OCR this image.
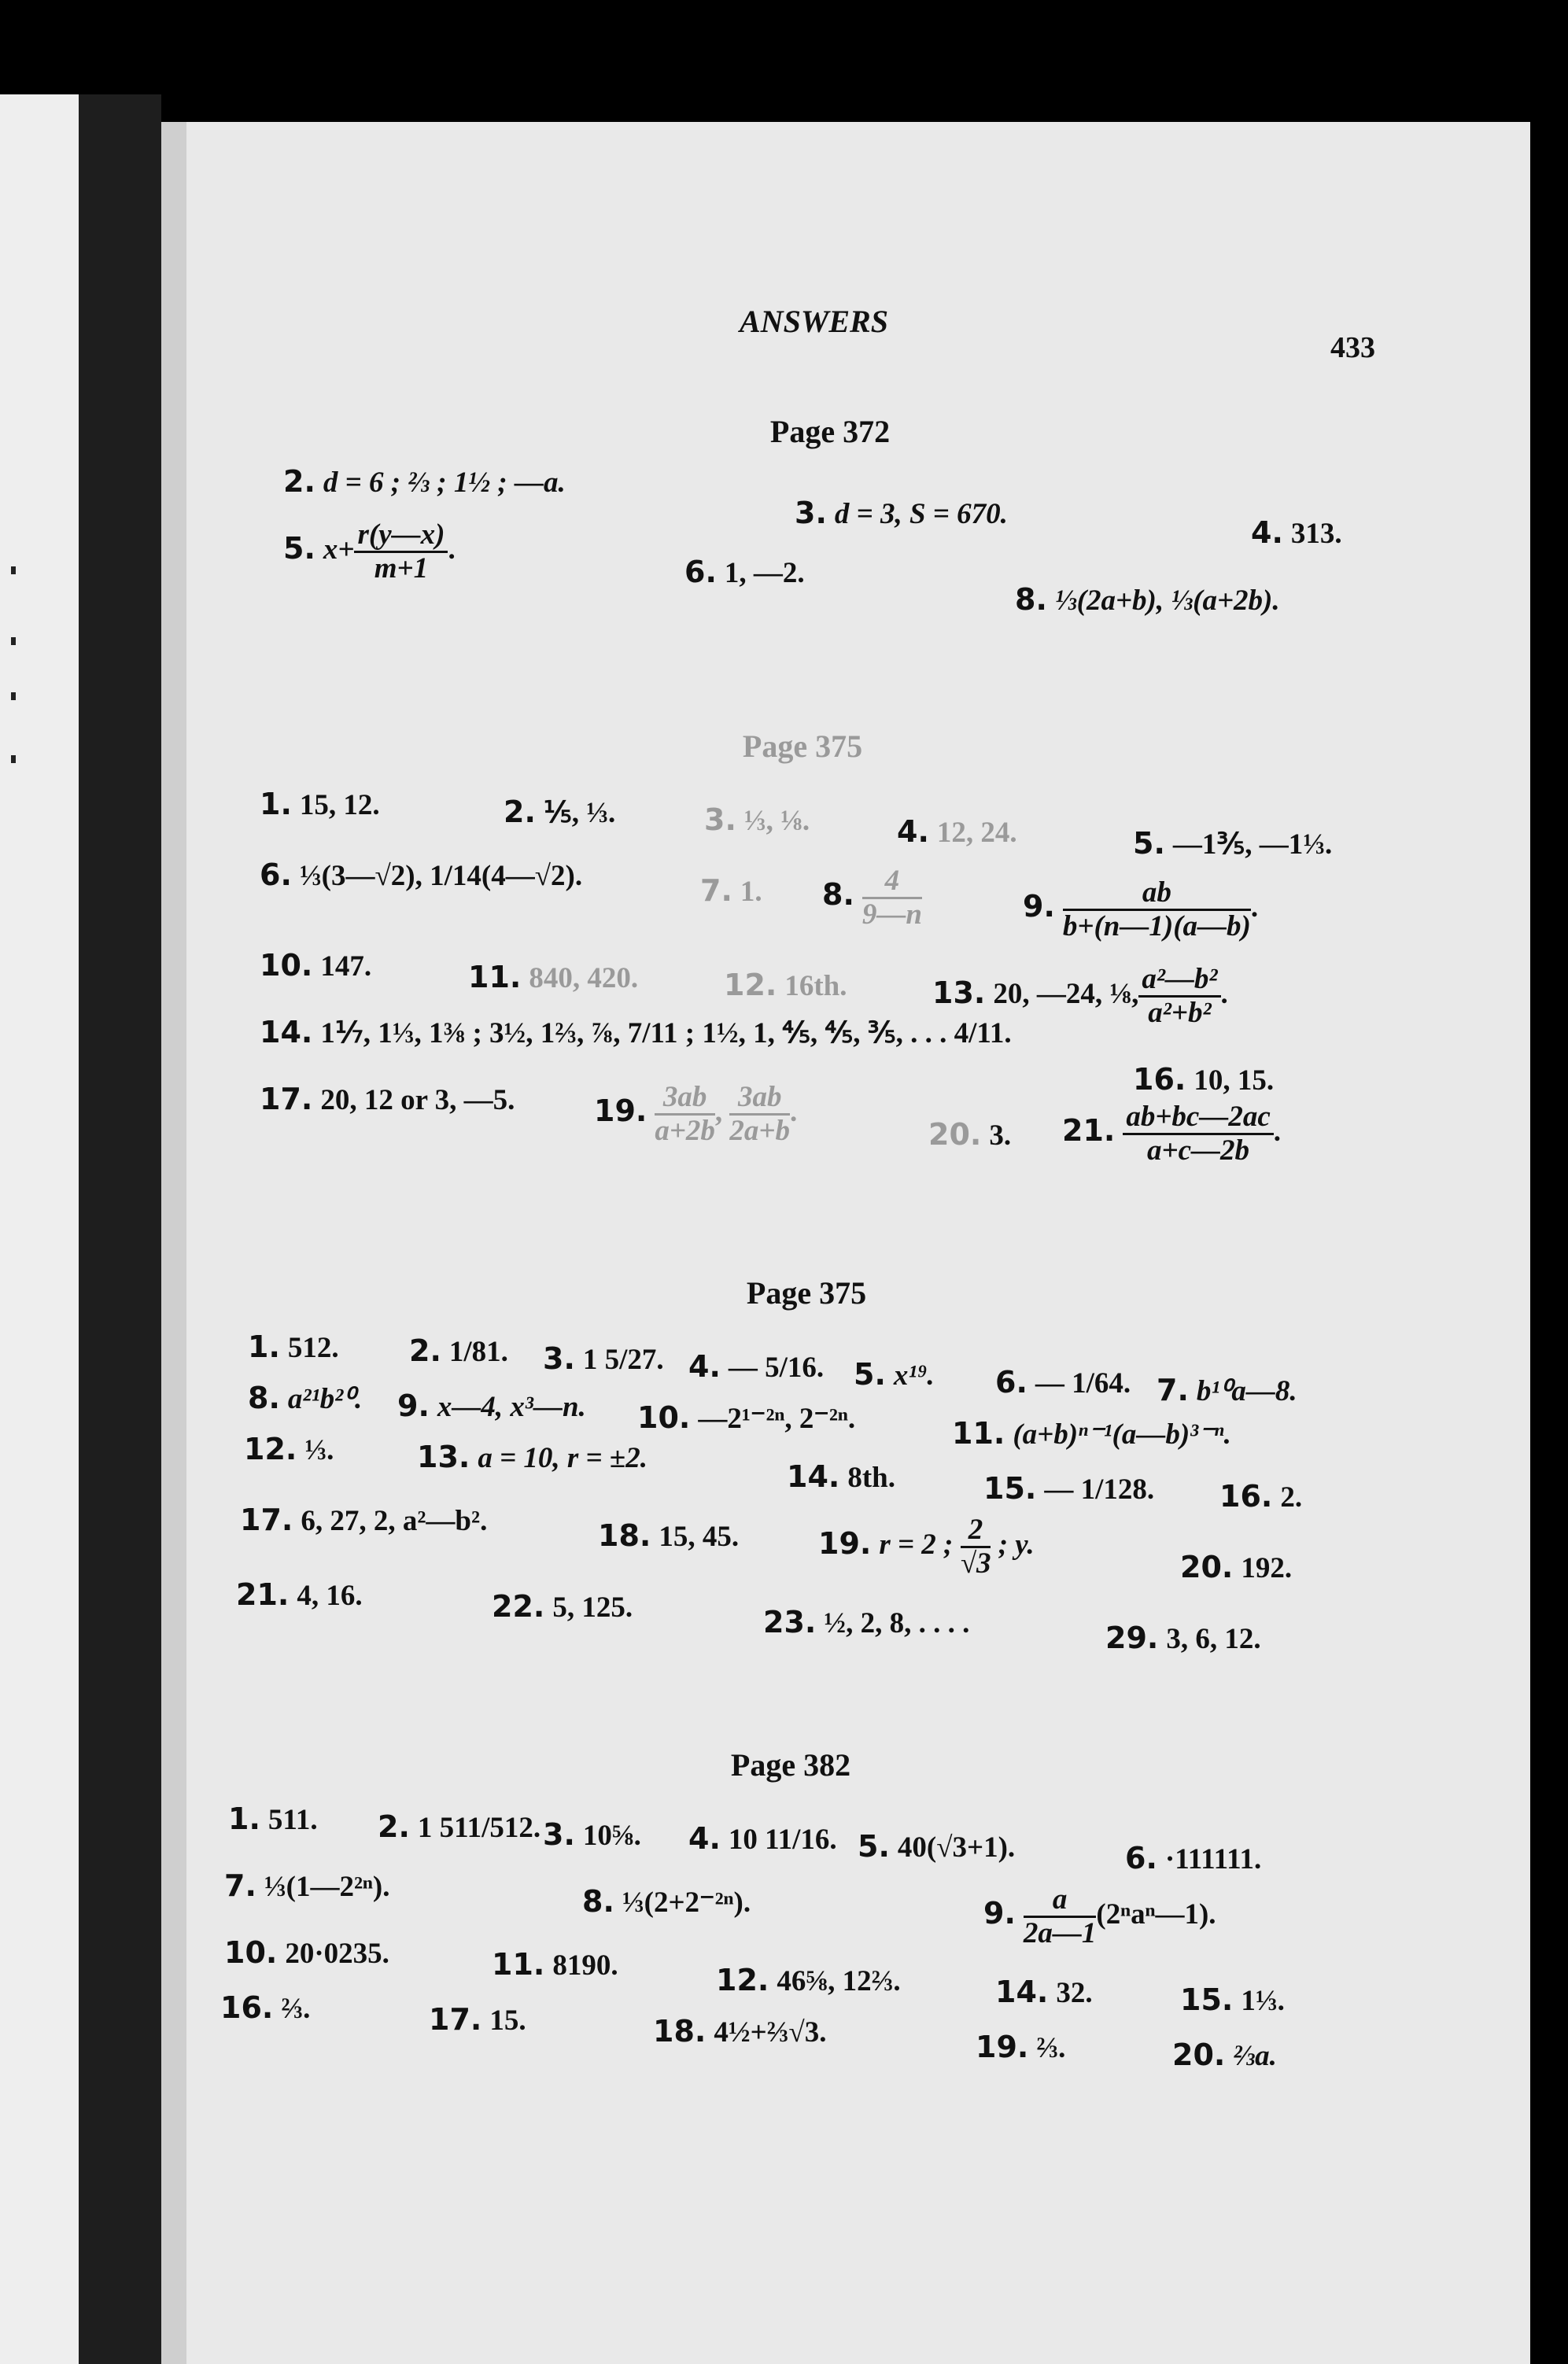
ANSWERS
433
Page 372
2. d = 6 ; ⅔ ; 1½ ; —a.
3. d = 3, S = 670.
4. 313.
5. $x+ \frac{r(y—x)}{m+1}$ .
6. 1, —2.
8. ⅓(2a+b), ⅓(a+2b).
Page 375
1. 15, 12.	2. ⅕, ⅓.	3. ⅓, ⅛.	4. 12, 24.	5. —1⅗, —1⅓.
6. ⅓(3—√2), 1/14(4—√2).	7. 1. 8. $\frac{4}{9—n}$	9. $\frac{ab}{b+(n—1)(a—b)}$ .
10. 147.	11. 840, 420.	12. 16th.	13. 20, —24, ⅛, $\frac{\text{a²—b²}}{\text{a²+b²}}$ .
14. 1⅐, 1⅓, 1⅜ ; 3½, 1⅔, ⅞, 7/11 ; 1½, 1, ⅘, ⅘, ⅗, . . . 4/11.
16. 10, 15.
17. 20, 12 or 3, —5.	19. $\frac{3ab}{a+2b}$ , $\frac{3ab}{2a+b}$ .
20. 3. 21. $\frac{ab+bc—2ac}{a+c—2b}$ .
Page 375
1. 512. 2. 1/81. 3. 1 5/27. 4. — 5/16. 5. x¹⁹. 6. — 1/64. 7. b¹⁰a—8.
8. a²¹b²⁰. 9. x—4, x³—n. 10. —2¹⁻²ⁿ, 2⁻²ⁿ.	11. (a+b)ⁿ⁻¹(a—b)³⁻ⁿ.
12. ⅓.	13. a = 10, r = ±2.
14. 8th.	15. — 1/128. 16. 2.
17. 6, 27, 2, a²—b².	18. 15, 45.	19. r = 2 ; $\frac{2}{√3}$ ; y.
20. 192.
21. 4, 16.	22. 5, 125.	23. ½, 2, 8, . . . .	29. 3, 6, 12.
Page 382
1. 511. 2. 1 511/512. 3. 10⅝. 4. 10 11/16. 5. 40(√3+1).	6. ·111111.
7. ⅓(1—2²ⁿ).	8. ⅓(2+2⁻²ⁿ).	9. $\frac{a}{2a—1}$ (2ⁿaⁿ—1).
10. 20·0235.	11. 8190.	12. 46⅝, 12⅔.	14. 32.	15. 1⅓.
16. ⅔.	17. 15.	18. 4½+⅔√3.	19. ⅔.	20. ⅔a.
